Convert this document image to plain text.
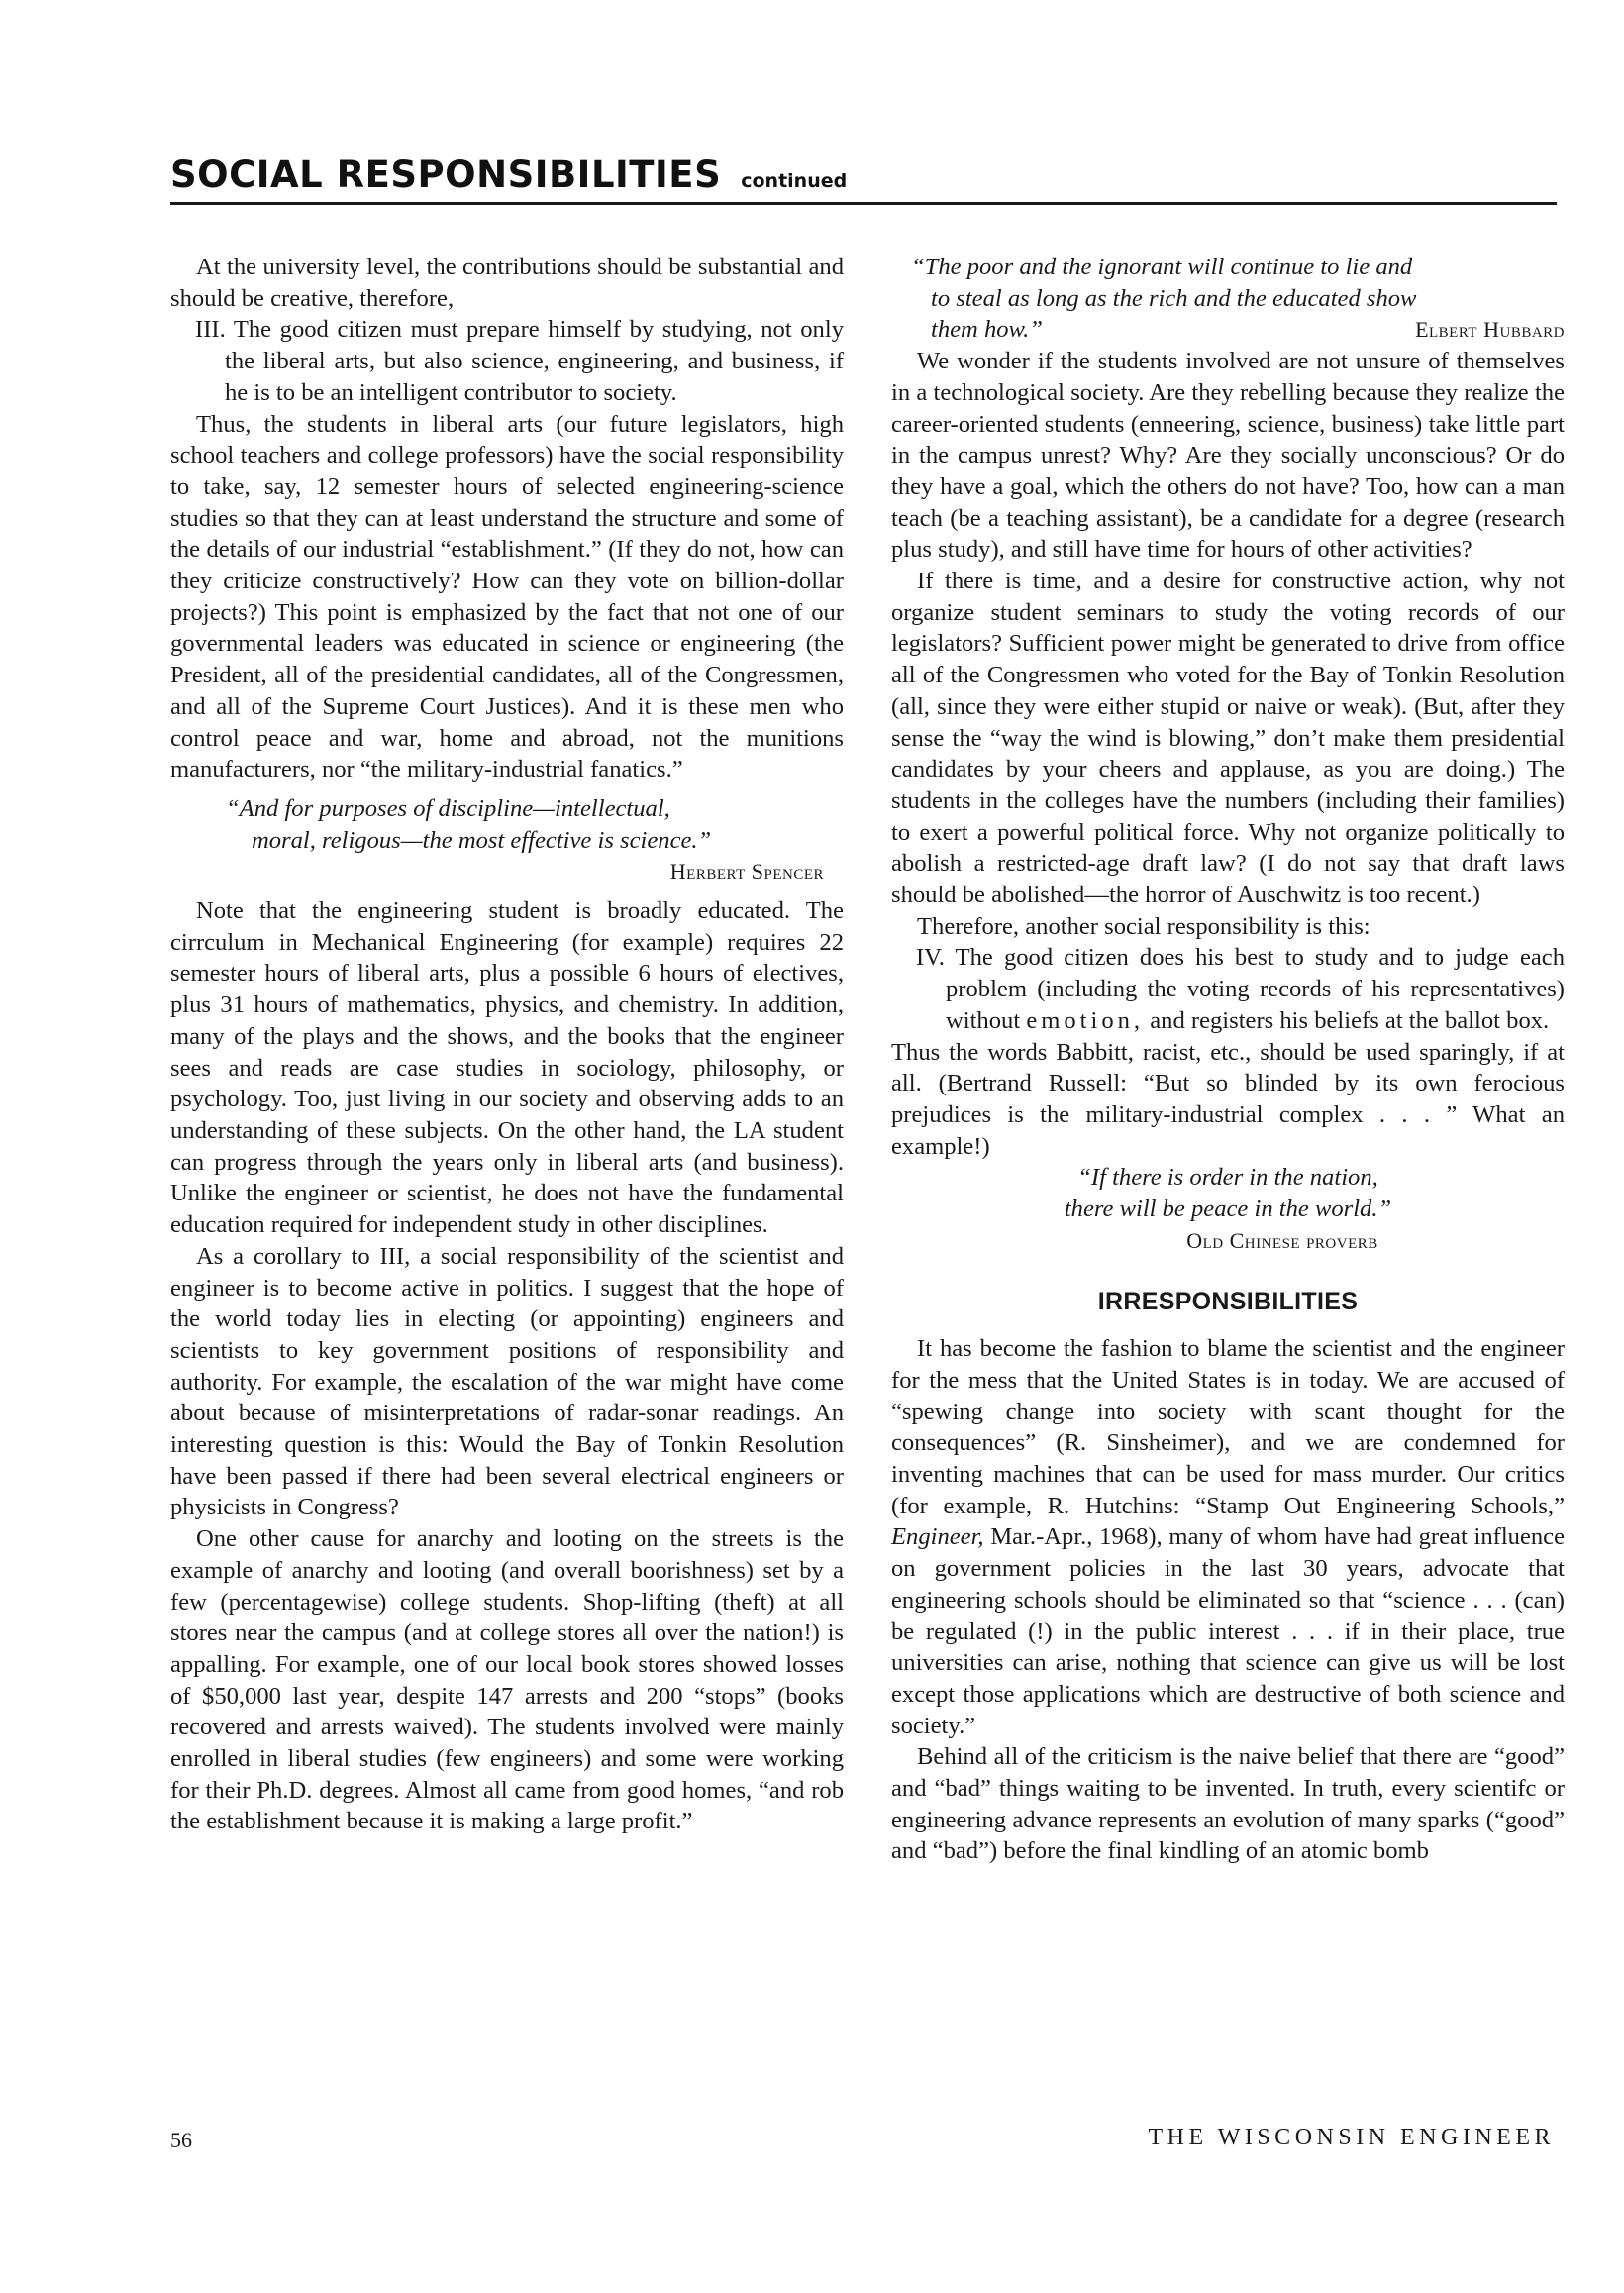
SOCIAL RESPONSIBILITIES continued

At the university level, the contributions should be substantial and should be creative, therefore,

III. The good citizen must prepare himself by studying, not only the liberal arts, but also science, engineering, and business, if he is to be an intelligent contributor to society.

Thus, the students in liberal arts (our future legislators, high school teachers and college professors) have the social responsibility to take, say, 12 semester hours of selected engineering-science studies so that they can at least understand the structure and some of the details of our industrial “establishment.” (If they do not, how can they criticize constructively? How can they vote on billion-dollar projects?) This point is emphasized by the fact that not one of our governmental leaders was educated in science or engineering (the President, all of the presidential candidates, all of the Congressmen, and all of the Supreme Court Justices). And it is these men who control peace and war, home and abroad, not the munitions manufacturers, nor “the military-industrial fanatics.”

“And for purposes of discipline—intellectual,
moral, religous—the most effective is science.”
Herbert Spencer

Note that the engineering student is broadly educated. The cirrculum in Mechanical Engineering (for example) requires 22 semester hours of liberal arts, plus a possible 6 hours of electives, plus 31 hours of mathematics, physics, and chemistry. In addition, many of the plays and the shows, and the books that the engineer sees and reads are case studies in sociology, philosophy, or psychology. Too, just living in our society and observing adds to an understanding of these subjects. On the other hand, the LA student can progress through the years only in liberal arts (and business). Unlike the engineer or scientist, he does not have the fundamental education required for independent study in other disciplines.

As a corollary to III, a social responsibility of the scientist and engineer is to become active in politics. I suggest that the hope of the world today lies in electing (or appointing) engineers and scientists to key government positions of responsibility and authority. For example, the escalation of the war might have come about because of misinterpretations of radar-sonar readings. An interesting question is this: Would the Bay of Tonkin Resolution have been passed if there had been several electrical engineers or physicists in Congress?

One other cause for anarchy and looting on the streets is the example of anarchy and looting (and overall boorishness) set by a few (percentagewise) college students. Shop-lifting (theft) at all stores near the campus (and at college stores all over the nation!) is appalling. For example, one of our local book stores showed losses of $50,000 last year, despite 147 arrests and 200 “stops” (books recovered and arrests waived). The students involved were mainly enrolled in liberal studies (few engineers) and some were working for their Ph.D. degrees. Almost all came from good homes, “and rob the establishment because it is making a large profit.”

“The poor and the ignorant will continue to lie and
to steal as long as the rich and the educated show
them how.”	Elbert Hubbard

We wonder if the students involved are not unsure of themselves in a technological society. Are they rebelling because they realize the career-oriented students (enneering, science, business) take little part in the campus unrest? Why? Are they socially unconscious? Or do they have a goal, which the others do not have? Too, how can a man teach (be a teaching assistant), be a candidate for a degree (research plus study), and still have time for hours of other activities?

If there is time, and a desire for constructive action, why not organize student seminars to study the voting records of our legislators? Sufficient power might be generated to drive from office all of the Congressmen who voted for the Bay of Tonkin Resolution (all, since they were either stupid or naive or weak). (But, after they sense the “way the wind is blowing,” don’t make them presidential candidates by your cheers and applause, as you are doing.) The students in the colleges have the numbers (including their families) to exert a powerful political force. Why not organize politically to abolish a restricted-age draft law? (I do not say that draft laws should be abolished—the horror of Auschwitz is too recent.)

Therefore, another social responsibility is this:

IV. The good citizen does his best to study and to judge each problem (including the voting records of his representatives) without emotion, and registers his beliefs at the ballot box.

Thus the words Babbitt, racist, etc., should be used sparingly, if at all. (Bertrand Russell: “But so blinded by its own ferocious prejudices is the military-industrial complex . . . ” What an example!)

“If there is order in the nation,
there will be peace in the world.”
Old Chinese proverb
IRRESPONSIBILITIES

It has become the fashion to blame the scientist and the engineer for the mess that the United States is in today. We are accused of “spewing change into society with scant thought for the consequences” (R. Sinsheimer), and we are condemned for inventing machines that can be used for mass murder. Our critics (for example, R. Hutchins: “Stamp Out Engineering Schools,” Engineer, Mar.-Apr., 1968), many of whom have had great influence on government policies in the last 30 years, advocate that engineering schools should be eliminated so that “science . . . (can) be regulated (!) in the public interest . . . if in their place, true universities can arise, nothing that science can give us will be lost except those applications which are destructive of both science and society.”

Behind all of the criticism is the naive belief that there are “good” and “bad” things waiting to be invented. In truth, every scientifc or engineering advance represents an evolution of many sparks (“good” and “bad”) before the final kindling of an atomic bomb

56	THE WISCONSIN ENGINEER
